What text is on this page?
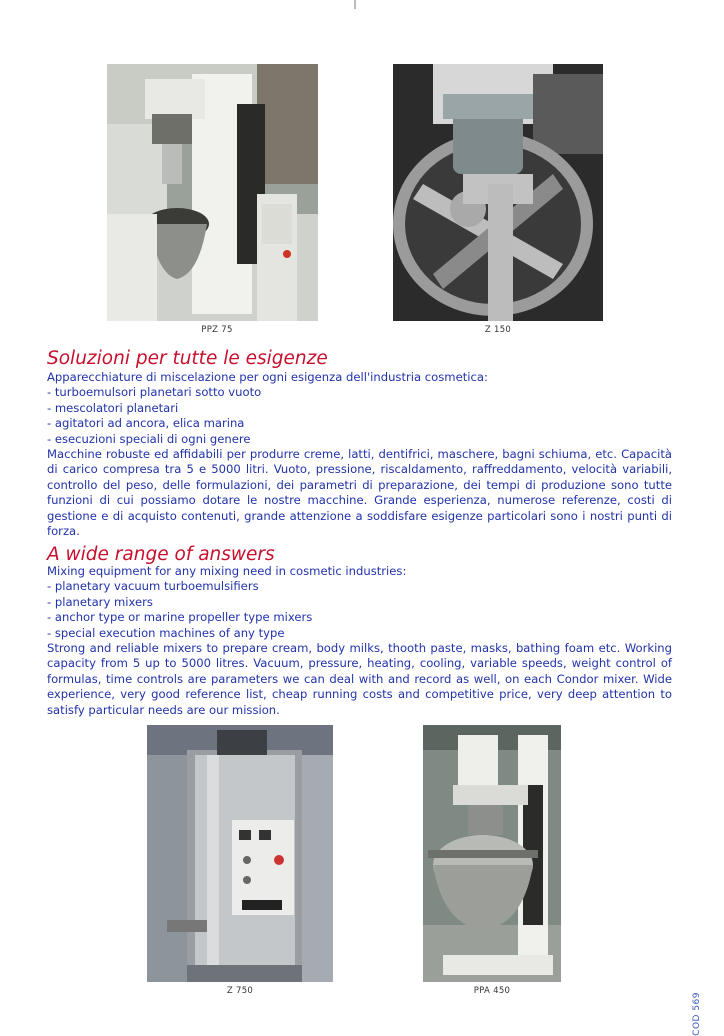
PPZ 75	Z 150
Soluzioni per tutte le esigenze

Apparecchiature di miscelazione per ogni esigenza dell'industria cosmetica:

- turboemulsori planetari sotto vuoto
- mescolatori planetari
- agitatori ad ancora, elica marina
- esecuzioni speciali di ogni genere

Macchine robuste ed affidabili per produrre creme, latti, dentifrici, maschere, bagni schiuma, etc. Capacità di carico compresa tra 5 e 5000 litri. Vuoto, pressione, riscaldamento, raffreddamento, velocità variabili, controllo del peso, delle formulazioni, dei parametri di preparazione, dei tempi di produzione sono tutte funzioni di cui possiamo dotare le nostre macchine. Grande esperienza, numerose referenze, costi di gestione e di acquisto contenuti, grande attenzione a soddisfare esigenze particolari sono i nostri punti di forza.

A wide range of answers

Mixing equipment for any mixing need in cosmetic industries:

- planetary vacuum turboemulsifiers
- planetary mixers
- anchor type or marine propeller type mixers
- special execution machines of any type

Strong and reliable mixers to prepare cream, body milks, thooth paste, masks, bathing foam etc. Working capacity from 5 up to 5000 litres. Vacuum, pressure, heating, cooling, variable speeds, weight control of formulas, time controls are parameters we can deal with and record as well, on each Condor mixer. Wide experience, very good reference list, cheap running costs and competitive price, very deep attention to satisfy particular needs are our mission.

Z 750	PPA 450
COD 569
